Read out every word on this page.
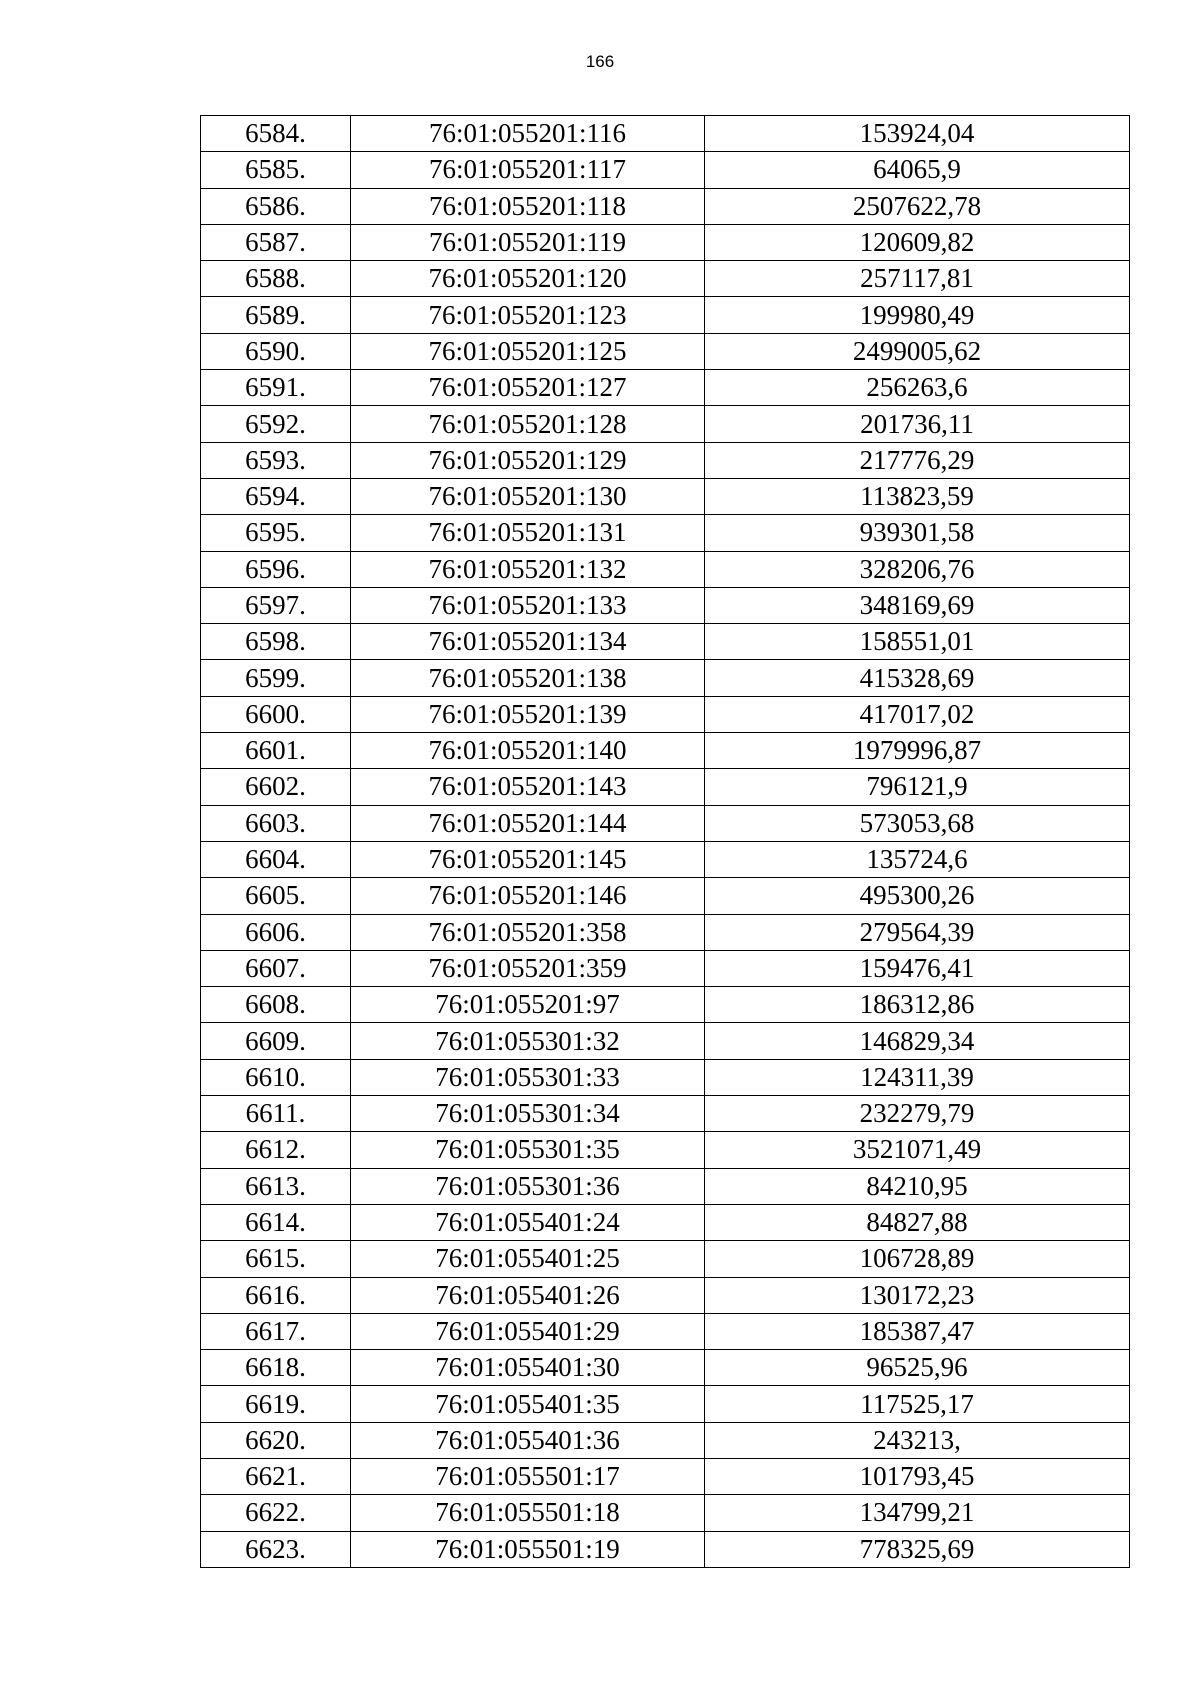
166
6584.	76:01:055201:116	153924,04
6585.	76:01:055201:117	64065,9
6586.	76:01:055201:118	2507622,78
6587.	76:01:055201:119	120609,82
6588.	76:01:055201:120	257117,81
6589.	76:01:055201:123	199980,49
6590.	76:01:055201:125	2499005,62
6591.	76:01:055201:127	256263,6
6592.	76:01:055201:128	201736,11
6593.	76:01:055201:129	217776,29
6594.	76:01:055201:130	113823,59
6595.	76:01:055201:131	939301,58
6596.	76:01:055201:132	328206,76
6597.	76:01:055201:133	348169,69
6598.	76:01:055201:134	158551,01
6599.	76:01:055201:138	415328,69
6600.	76:01:055201:139	417017,02
6601.	76:01:055201:140	1979996,87
6602.	76:01:055201:143	796121,9
6603.	76:01:055201:144	573053,68
6604.	76:01:055201:145	135724,6
6605.	76:01:055201:146	495300,26
6606.	76:01:055201:358	279564,39
6607.	76:01:055201:359	159476,41
6608.	76:01:055201:97	186312,86
6609.	76:01:055301:32	146829,34
6610.	76:01:055301:33	124311,39
6611.	76:01:055301:34	232279,79
6612.	76:01:055301:35	3521071,49
6613.	76:01:055301:36	84210,95
6614.	76:01:055401:24	84827,88
6615.	76:01:055401:25	106728,89
6616.	76:01:055401:26	130172,23
6617.	76:01:055401:29	185387,47
6618.	76:01:055401:30	96525,96
6619.	76:01:055401:35	117525,17
6620.	76:01:055401:36	243213,
6621.	76:01:055501:17	101793,45
6622.	76:01:055501:18	134799,21
6623.	76:01:055501:19	778325,69
